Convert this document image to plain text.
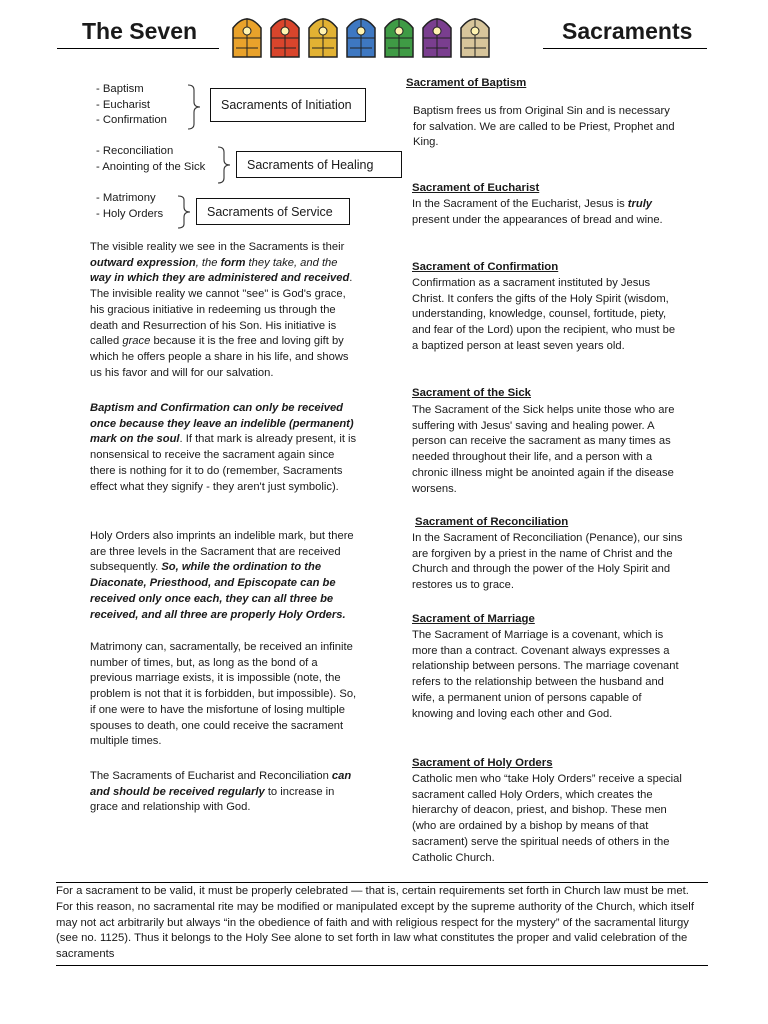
The Seven	Sacraments
- Baptism
- Eucharist
- Confirmation
Sacraments of Initiation
- Reconciliation
- Anointing of the Sick	Sacraments of Healing
- Matrimony
- Holy Orders	Sacraments of Service

The visible reality we see in the Sacraments is their outward expression, the form they take, and the way in which they are administered and received. The invisible reality we cannot "see" is God's grace, his gracious initiative in redeeming us through the death and Resurrection of his Son. His initiative is called grace because it is the free and loving gift by which he offers people a share in his life, and shows us his favor and will for our salvation.

Baptism and Confirmation can only be received once because they leave an indelible (permanent) mark on the soul. If that mark is already present, it is nonsensical to receive the sacrament again since there is nothing for it to do (remember, Sacraments effect what they signify - they aren't just symbolic).

Holy Orders also imprints an indelible mark, but there are three levels in the Sacrament that are received subsequently. So, while the ordination to the Diaconate, Priesthood, and Episcopate can be received only once each, they can all three be received, and all three are properly Holy Orders.

Matrimony can, sacramentally, be received an infinite number of times, but, as long as the bond of a previous marriage exists, it is impossible (note, the problem is not that it is forbidden, but impossible). So, if one were to have the misfortune of losing multiple spouses to death, one could receive the sacrament multiple times.

The Sacraments of Eucharist and Reconciliation can and should be received regularly to increase in grace and relationship with God.

Sacrament of Baptism

Baptism frees us from Original Sin and is necessary for salvation. We are called to be Priest, Prophet and King.

Sacrament of Eucharist

In the Sacrament of the Eucharist, Jesus is truly present under the appearances of bread and wine.

Sacrament of Confirmation

Confirmation as a sacrament instituted by Jesus Christ. It confers the gifts of the Holy Spirit (wisdom, understanding, knowledge, counsel, fortitude, piety, and fear of the Lord) upon the recipient, who must be a baptized person at least seven years old.

Sacrament of the Sick

The Sacrament of the Sick helps unite those who are suffering with Jesus' saving and healing power. A person can receive the sacrament as many times as needed throughout their life, and a person with a chronic illness might be anointed again if the disease worsens.

Sacrament of Reconciliation

In the Sacrament of Reconciliation (Penance), our sins are forgiven by a priest in the name of Christ and the Church and through the power of the Holy Spirit and restores us to grace.

Sacrament of Marriage

The Sacrament of Marriage is a covenant, which is more than a contract. Covenant always expresses a relationship between persons. The marriage covenant refers to the relationship between the husband and wife, a permanent union of persons capable of knowing and loving each other and God.

Sacrament of Holy Orders

Catholic men who “take Holy Orders” receive a special sacrament called Holy Orders, which creates the hierarchy of deacon, priest, and bishop. These men (who are ordained by a bishop by means of that sacrament) serve the spiritual needs of others in the Catholic Church.

For a sacrament to be valid, it must be properly celebrated — that is, certain requirements set forth in Church law must be met. For this reason, no sacramental rite may be modified or manipulated except by the supreme authority of the Church, which itself may not act arbitrarily but always “in the obedience of faith and with religious respect for the mystery” of the sacramental liturgy (see no. 1125). Thus it belongs to the Holy See alone to set forth in law what constitutes the proper and valid celebration of the sacraments
